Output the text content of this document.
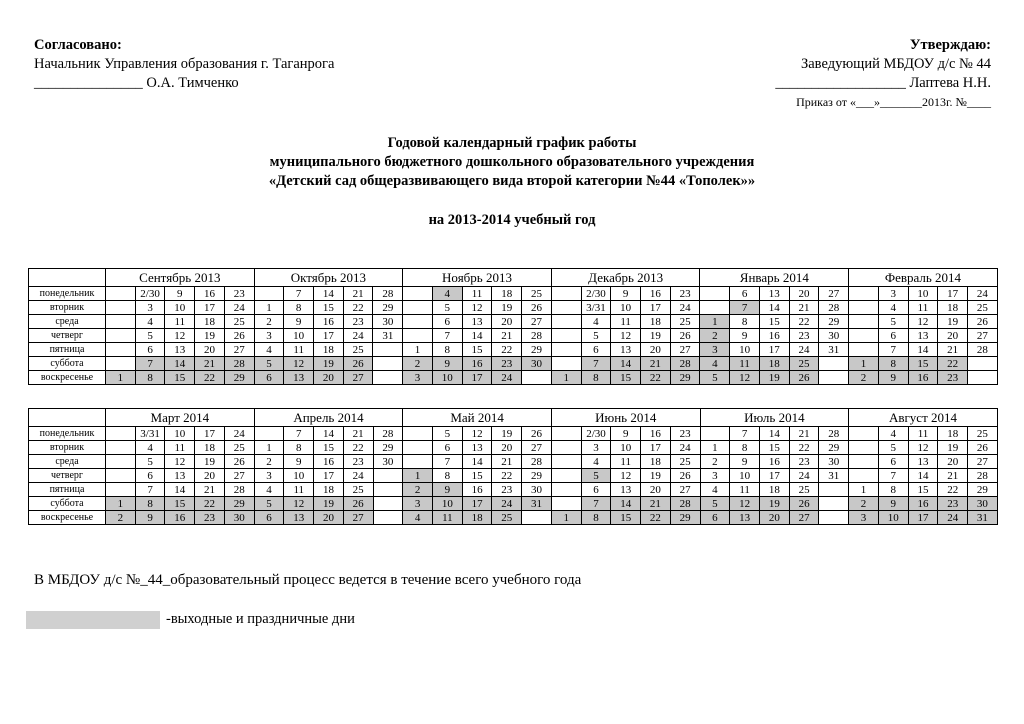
Согласовано:
Начальник Управления образования г. Таганрога
_______________ О.А. Тимченко
Утверждаю:
Заведующий МБДОУ д/с № 44
__________________ Лаптева Н.Н.
Приказ от «___»_______2013г. №____
Годовой календарный график работы
муниципального бюджетного дошкольного образовательного учреждения
«Детский сад общеразвивающего вида второй категории №44 «Тополек»»
на 2013-2014 учебный год
	Сентябрь 2013					Октябрь 2013					Ноябрь 2013					Декабрь 2013					Январь 2014					Февраль 2014				
понедельник		2/30	9	16	23		7	14	21	28		4	11	18	25		2/30	9	16	23		6	13	20	27		3	10	17	24
вторник		3	10	17	24	1	8	15	22	29		5	12	19	26		3/31	10	17	24		7	14	21	28		4	11	18	25
среда		4	11	18	25	2	9	16	23	30		6	13	20	27		4	11	18	25	1	8	15	22	29		5	12	19	26
четверг		5	12	19	26	3	10	17	24	31		7	14	21	28		5	12	19	26	2	9	16	23	30		6	13	20	27
пятница		6	13	20	27	4	11	18	25		1	8	15	22	29		6	13	20	27	3	10	17	24	31		7	14	21	28
суббота		7	14	21	28	5	12	19	26		2	9	16	23	30		7	14	21	28	4	11	18	25		1	8	15	22	
воскресенье	1	8	15	22	29	6	13	20	27		3	10	17	24		1	8	15	22	29	5	12	19	26		2	9	16	23	
	Март 2014					Апрель 2014					Май 2014					Июнь 2014					Июль 2014					Август 2014				
понедельник		3/31	10	17	24		7	14	21	28		5	12	19	26		2/30	9	16	23		7	14	21	28		4	11	18	25
вторник		4	11	18	25	1	8	15	22	29		6	13	20	27		3	10	17	24	1	8	15	22	29		5	12	19	26
среда		5	12	19	26	2	9	16	23	30		7	14	21	28		4	11	18	25	2	9	16	23	30		6	13	20	27
четверг		6	13	20	27	3	10	17	24		1	8	15	22	29		5	12	19	26	3	10	17	24	31		7	14	21	28
пятница		7	14	21	28	4	11	18	25		2	9	16	23	30		6	13	20	27	4	11	18	25		1	8	15	22	29
суббота	1	8	15	22	29	5	12	19	26		3	10	17	24	31		7	14	21	28	5	12	19	26		2	9	16	23	30
воскресенье	2	9	16	23	30	6	13	20	27		4	11	18	25		1	8	15	22	29	6	13	20	27		3	10	17	24	31
В МБДОУ д/с №_44_образовательный процесс ведется в течение всего учебного года
-выходные и праздничные дни
